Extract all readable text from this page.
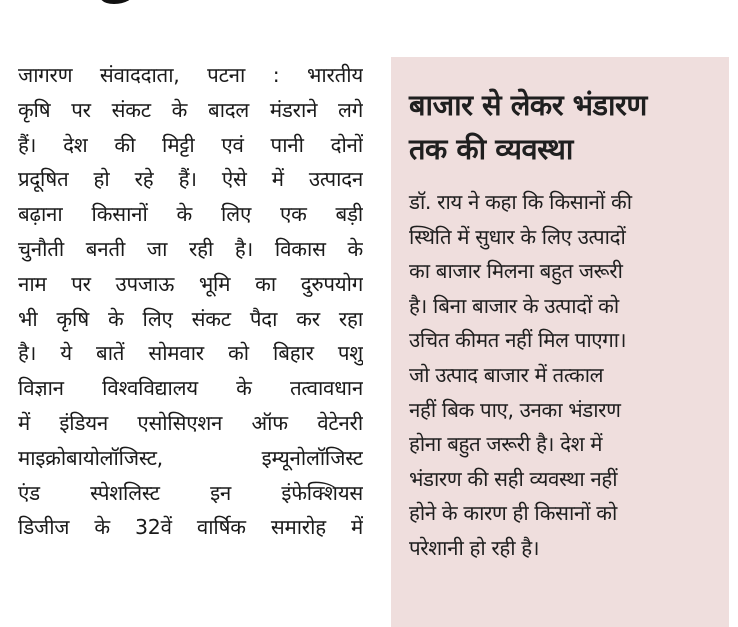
जागरण संवाददाता, पटना : भारतीय
कृषि पर संकट के बादल मंडराने लगे
हैं। देश की मिट्टी एवं पानी दोनों
प्रदूषित हो रहे हैं। ऐसे में उत्पादन
बढ़ाना किसानों के लिए एक बड़ी
चुनौती बनती जा रही है। विकास के
नाम पर उपजाऊ भूमि का दुरुपयोग
भी कृषि के लिए संकट पैदा कर रहा
है। ये बातें सोमवार को बिहार पशु
विज्ञान विश्वविद्यालय के तत्वावधान
में इंडियन एसोसिएशन ऑफ वेटेनरी
माइक्रोबायोलॉजिस्ट, इम्यूनोलॉजिस्ट
एंड स्पेशलिस्ट इन इंफेक्शियस
डिजीज के 32वें वार्षिक समारोह में
बाजार से लेकर भंडारण
तक की व्यवस्था
डॉ. राय ने कहा कि किसानों की
स्थिति में सुधार के लिए उत्पादों
का बाजार मिलना बहुत जरूरी
है। बिना बाजार के उत्पादों को
उचित कीमत नहीं मिल पाएगा।
जो उत्पाद बाजार में तत्काल
नहीं बिक पाए, उनका भंडारण
होना बहुत जरूरी है। देश में
भंडारण की सही व्यवस्था नहीं
होने के कारण ही किसानों को
परेशानी हो रही है।
